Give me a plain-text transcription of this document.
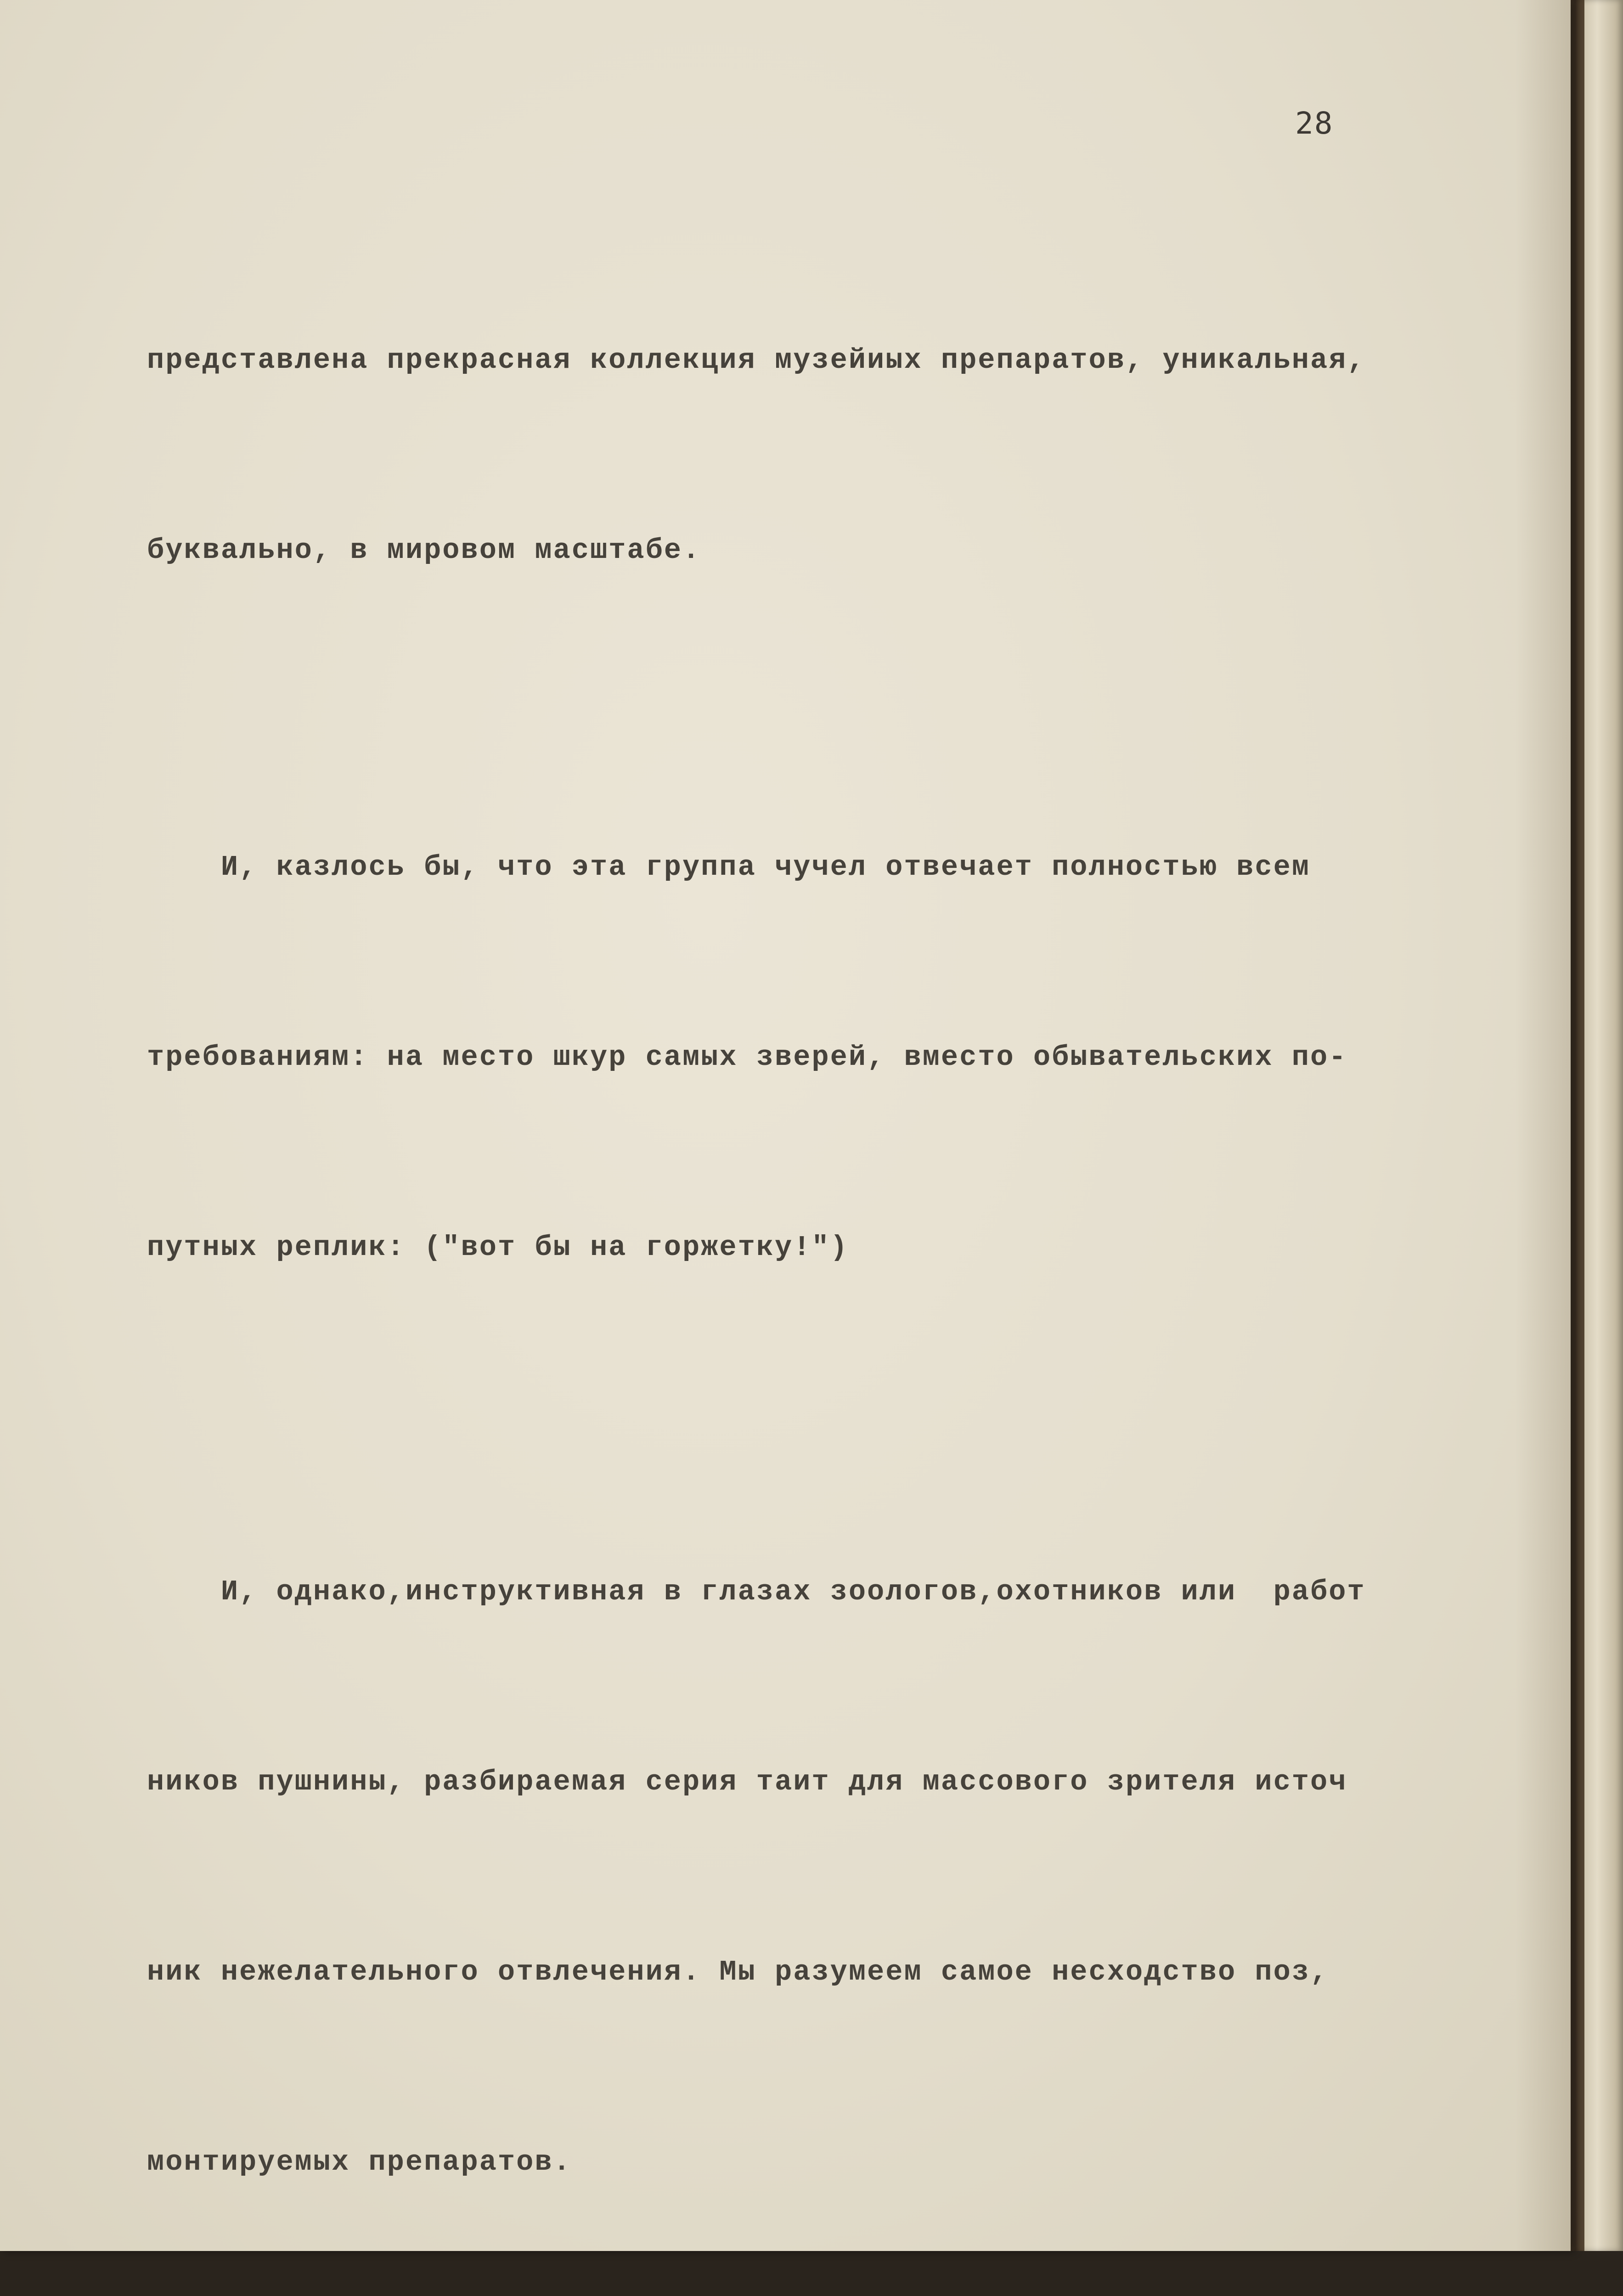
28

представлена прекрасная коллекция музейиых препаратов, уникальная,

буквально, в мировом масштабе.

И, казлось бы, что эта группа чучел отвечает полностью всем

требованиям: на место шкур самых зверей, вместо обывательских по-

путных реплик: ("вот бы на горжетку!")

И, однако,инструктивная в глазах зоологов,охотников или  работ

ников пушнины, разбираемая серия таит для массового зрителя источ

ник нежелательного отвлечения. Мы разумеем самое несходство поз,

монтируемых препаратов.
